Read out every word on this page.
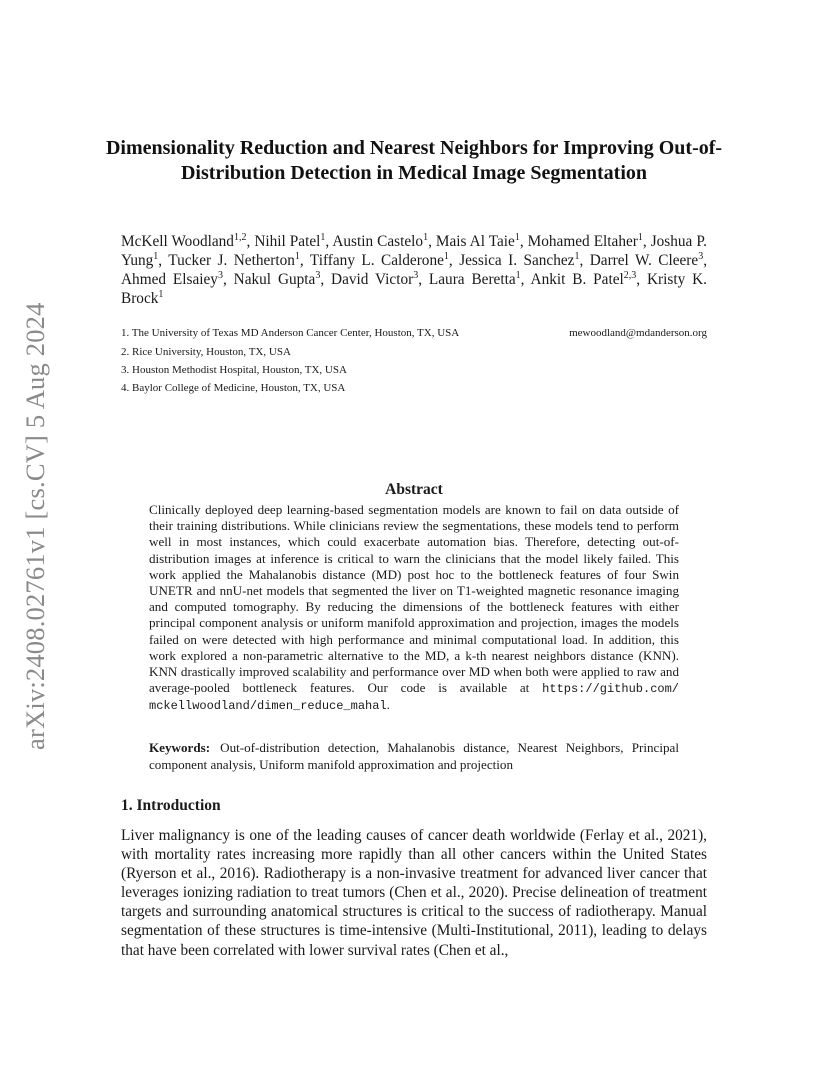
arXiv:2408.02761v1 [cs.CV] 5 Aug 2024
Dimensionality Reduction and Nearest Neighbors for Improving Out-of-Distribution Detection in Medical Image Segmentation
McKell Woodland$^{1,2}$, Nihil Patel$^1$, Austin Castelo$^1$, Mais Al Taie$^1$, Mohamed Eltaher$^1$, Joshua P. Yung$^1$, Tucker J. Netherton$^1$, Tiffany L. Calderone$^1$, Jessica I. Sanchez$^1$, Darrel W. Cleere$^3$, Ahmed Elsaiey$^3$, Nakul Gupta$^3$, David Victor$^3$, Laura Beretta$^1$, Ankit B. Patel$^{2,3}$, Kristy K. Brock$^1$
1. The University of Texas MD Anderson Cancer Center, Houston, TX, USA	mewoodland@mdanderson.org
2. Rice University, Houston, TX, USA
3. Houston Methodist Hospital, Houston, TX, USA
4. Baylor College of Medicine, Houston, TX, USA
Abstract
Clinically deployed deep learning-based segmentation models are known to fail on data outside of their training distributions. While clinicians review the segmentations, these models tend to perform well in most instances, which could exacerbate automation bias. Therefore, detecting out-of-distribution images at inference is critical to warn the clinicians that the model likely failed. This work applied the Mahalanobis distance (MD) post hoc to the bottleneck features of four Swin UNETR and nnU-net models that segmented the liver on T1-weighted magnetic resonance imaging and computed tomography. By reducing the dimensions of the bottleneck features with either principal component analysis or uniform manifold approximation and projection, images the models failed on were detected with high performance and minimal computational load. In addition, this work explored a non-parametric alternative to the MD, a k-th nearest neighbors distance (KNN). KNN drastically improved scalability and performance over MD when both were applied to raw and average-pooled bottleneck features. Our code is available at https://github.com/ mckellwoodland/dimen_reduce_mahal.
Keywords: Out-of-distribution detection, Mahalanobis distance, Nearest Neighbors, Principal component analysis, Uniform manifold approximation and projection
1. Introduction
Liver malignancy is one of the leading causes of cancer death worldwide (Ferlay et al., 2021), with mortality rates increasing more rapidly than all other cancers within the United States (Ryerson et al., 2016). Radiotherapy is a non-invasive treatment for advanced liver cancer that leverages ionizing radiation to treat tumors (Chen et al., 2020). Precise delineation of treatment targets and surrounding anatomical structures is critical to the success of radiotherapy. Manual segmentation of these structures is time-intensive (Multi-Institutional, 2011), leading to delays that have been correlated with lower survival rates (Chen et al.,
